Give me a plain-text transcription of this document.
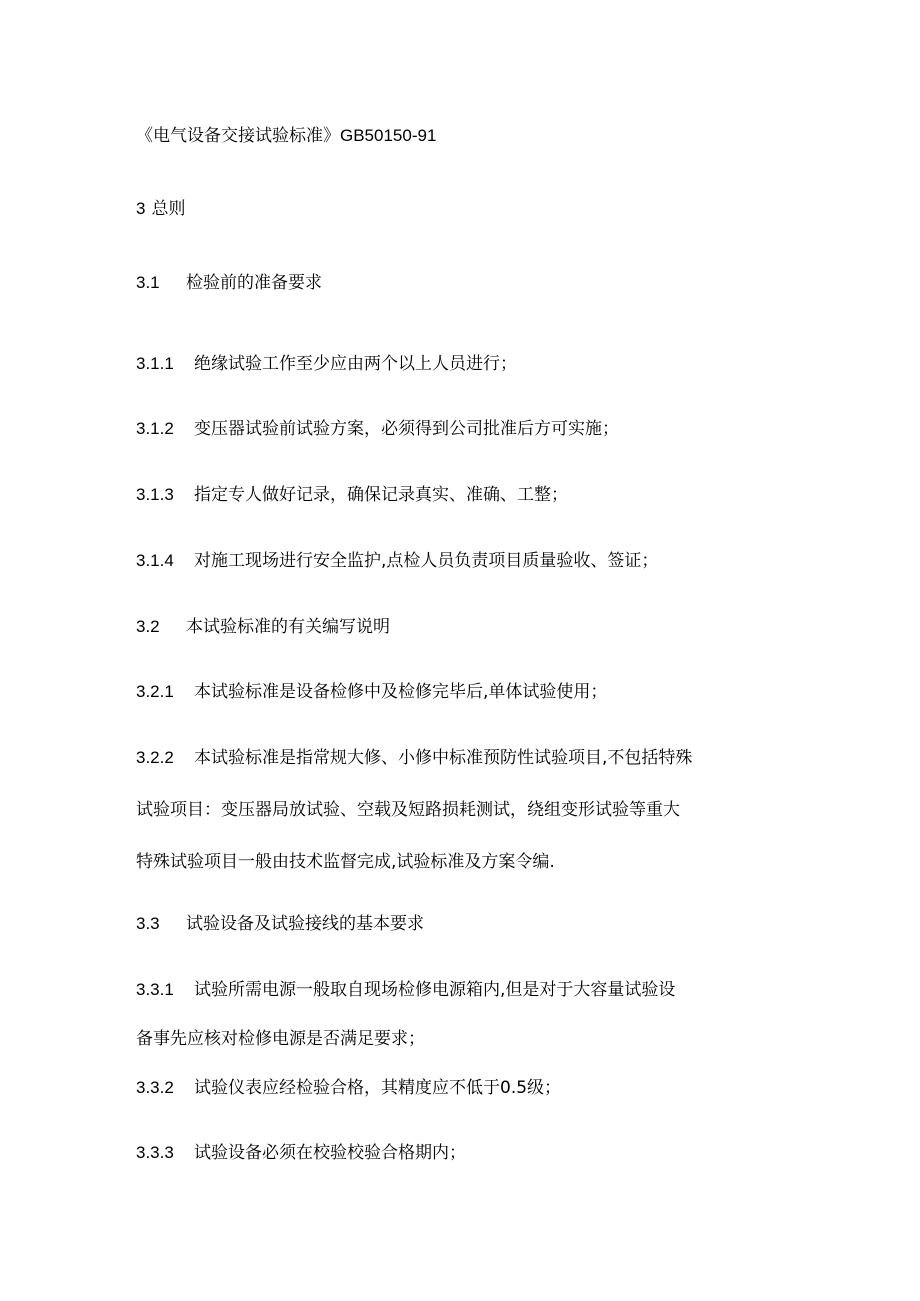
《电气设备交接试验标准》GB50150-91
3 总则
3.1 检验前的准备要求
3.1.1 绝缘试验工作至少应由两个以上人员进行；
3.1.2 变压器试验前试验方案，必须得到公司批准后方可实施；
3.1.3 指定专人做好记录，确保记录真实、准确、工整；
3.1.4 对施工现场进行安全监护,点检人员负责项目质量验收、签证；
3.2 本试验标准的有关编写说明
3.2.1 本试验标准是设备检修中及检修完毕后,单体试验使用；
3.2.2 本试验标准是指常规大修、小修中标准预防性试验项目,不包括特殊
试验项目：变压器局放试验、空载及短路损耗测试，绕组变形试验等重大
特殊试验项目一般由技术监督完成,试验标准及方案令编.
3.3 试验设备及试验接线的基本要求
3.3.1 试验所需电源一般取自现场检修电源箱内,但是对于大容量试验设
备事先应核对检修电源是否满足要求；
3.3.2 试验仪表应经检验合格，其精度应不低于0.5级；
3.3.3 试验设备必须在校验校验合格期内；
